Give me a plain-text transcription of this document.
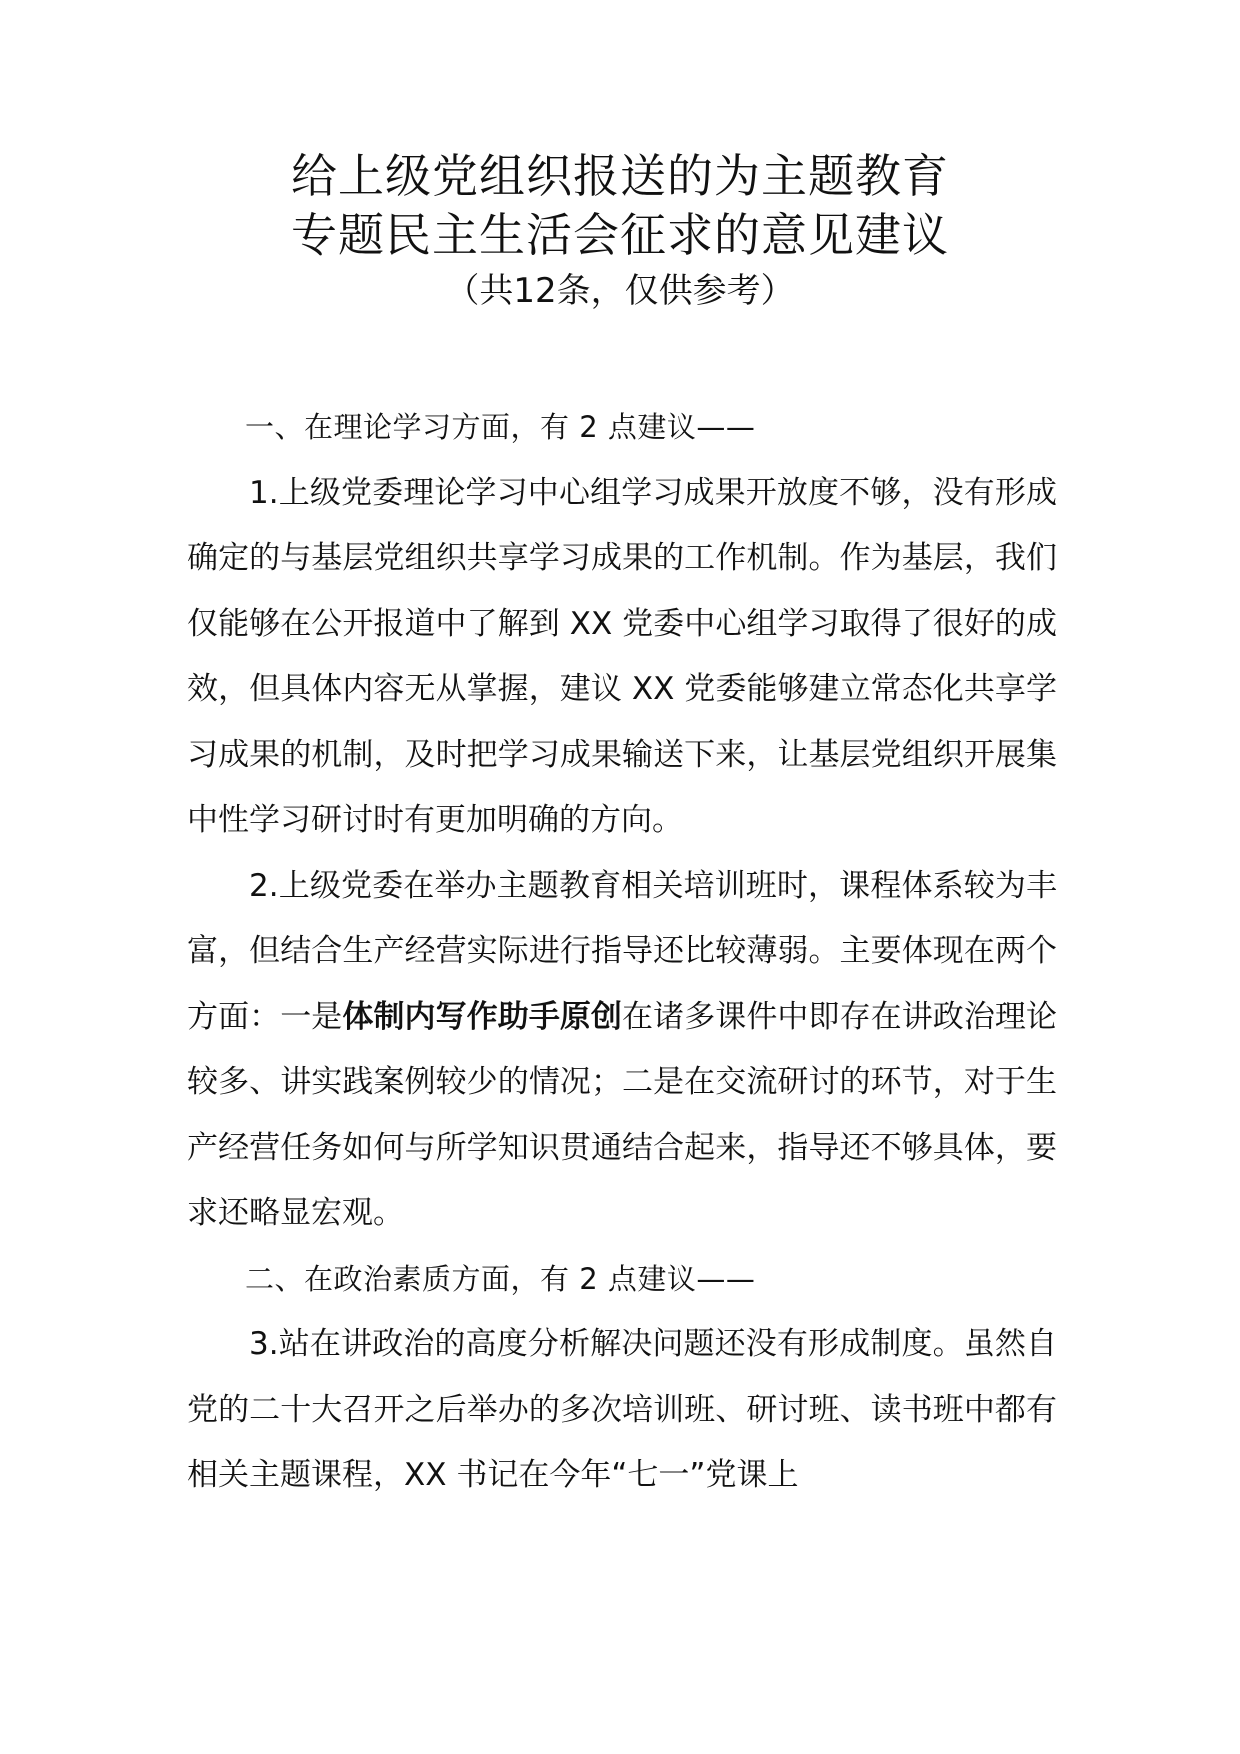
给上级党组织报送的为主题教育
专题民主生活会征求的意见建议
（共12条，仅供参考）

一、在理论学习方面，有 2 点建议——

1.上级党委理论学习中心组学习成果开放度不够，没有形成确定的与基层党组织共享学习成果的工作机制。作为基层，我们仅能够在公开报道中了解到 XX 党委中心组学习取得了很好的成效，但具体内容无从掌握，建议 XX 党委能够建立常态化共享学习成果的机制，及时把学习成果输送下来，让基层党组织开展集中性学习研讨时有更加明确的方向。

2.上级党委在举办主题教育相关培训班时，课程体系较为丰富，但结合生产经营实际进行指导还比较薄弱。主要体现在两个方面：一是体制内写作助手原创在诸多课件中即存在讲政治理论较多、讲实践案例较少的情况；二是在交流研讨的环节，对于生产经营任务如何与所学知识贯通结合起来，指导还不够具体，要求还略显宏观。

二、在政治素质方面，有 2 点建议——

3.站在讲政治的高度分析解决问题还没有形成制度。虽然自党的二十大召开之后举办的多次培训班、研讨班、读书班中都有相关主题课程，XX 书记在今年“七一”党课上
